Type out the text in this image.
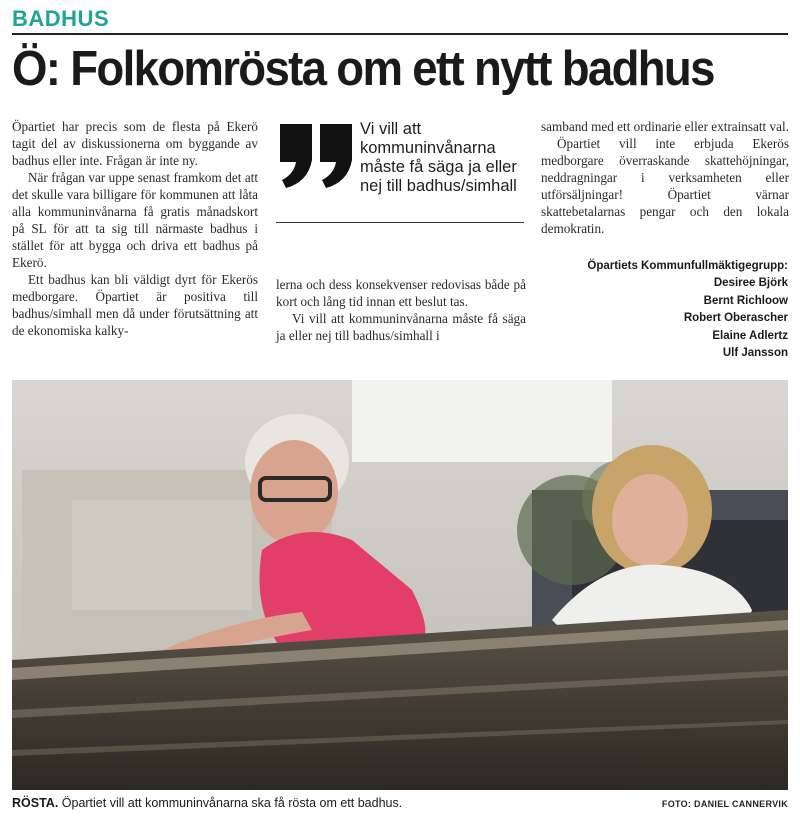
BADHUS
Ö: Folkomrösta om ett nytt badhus

Öpartiet har precis som de flesta på Ekerö tagit del av diskussionerna om byggande av badhus eller inte. Frågan är inte ny.

När frågan var uppe senast framkom det att det skulle vara billigare för kommunen att låta alla kommuninvånarna få gratis månadskort på SL för att ta sig till närmaste badhus i stället för att bygga och driva ett badhus på Ekerö.

Ett badhus kan bli väldigt dyrt för Ekerös medborgare. Öpartiet är positiva till badhus/simhall men då under förutsättning att de ekonomiska kalky-

Vi vill att kommuninvånarna måste få säga ja eller nej till badhus/simhall

lerna och dess konsekvenser redovisas både på kort och lång tid innan ett beslut tas.

Vi vill att kommuninvånarna måste få säga ja eller nej till badhus/simhall i

samband med ett ordinarie eller extrainsatt val.

Öpartiet vill inte erbjuda Ekerös medborgare överraskande skattehöjningar, neddragningar i verksamheten eller utförsäljningar! Öpartiet värnar skattebetalarnas pengar och den lokala demokratin.

Öpartiets Kommunfullmäktigegrupp:
Desiree Björk
Bernt Richloow
Robert Oberascher
Elaine Adlertz
Ulf Jansson
RÖSTA. Öpartiet vill att kommuninvånarna ska få rösta om ett badhus.	FOTO: DANIEL CANNERVIK
